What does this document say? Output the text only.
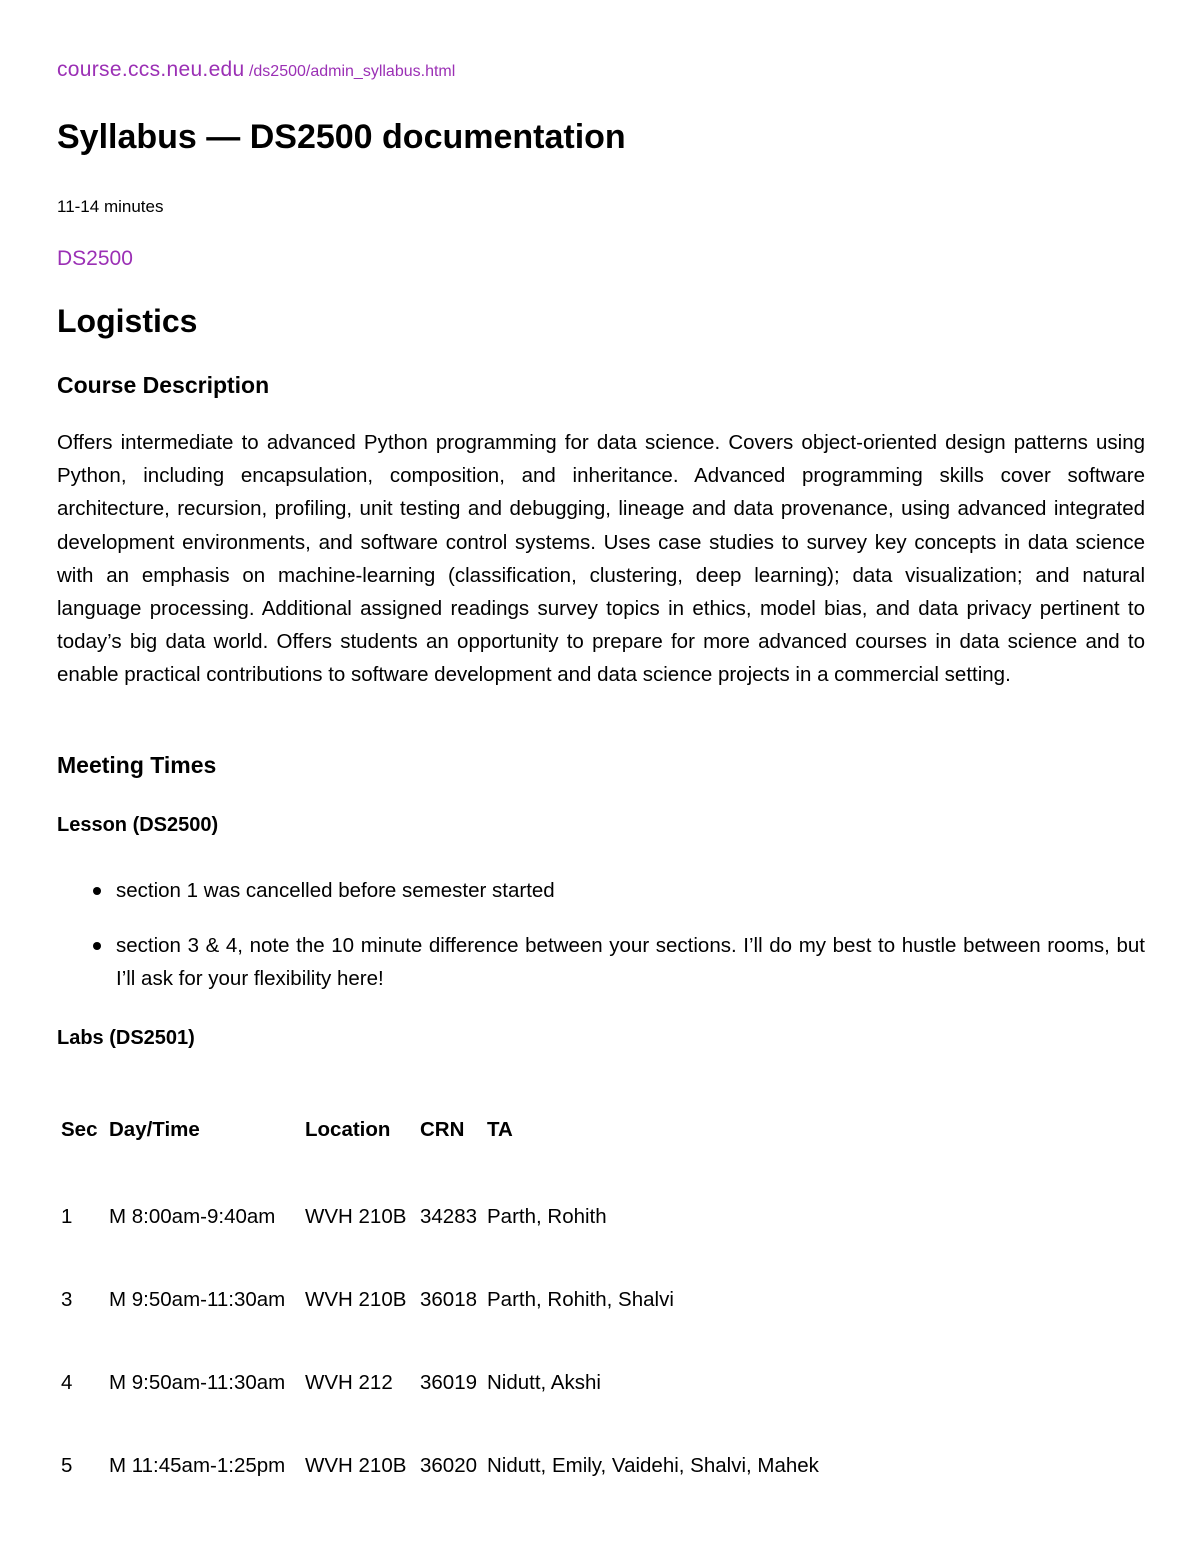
course.ccs.neu.edu /ds2500/admin_syllabus.html
Syllabus — DS2500 documentation
11-14 minutes
DS2500
Logistics
Course Description

Offers intermediate to advanced Python programming for data science. Covers object-oriented design patterns using Python, including encapsulation, composition, and inheritance. Advanced programming skills cover software architecture, recursion, profiling, unit testing and debugging, lineage and data provenance, using advanced integrated development environments, and software control systems. Uses case studies to survey key concepts in data science with an emphasis on machine-learning (classification, clustering, deep learning); data visualization; and natural language processing. Additional assigned readings survey topics in ethics, model bias, and data privacy pertinent to today’s big data world. Offers students an opportunity to prepare for more advanced courses in data science and to enable practical contributions to software development and data science projects in a commercial setting.

Meeting Times
Lesson (DS2500)
section 1 was cancelled before semester started
section 3 & 4, note the 10 minute difference between your sections. I’ll do my best to hustle between rooms, but I’ll ask for your flexibility here!
Labs (DS2501)
Sec	Day/Time	Location	CRN	TA
1	M 8:00am-9:40am	WVH 210B	34283	Parth, Rohith
3	M 9:50am-11:30am	WVH 210B	36018	Parth, Rohith, Shalvi
4	M 9:50am-11:30am	WVH 212	36019	Nidutt, Akshi
5	M 11:45am-1:25pm	WVH 210B	36020	Nidutt, Emily, Vaidehi, Shalvi, Mahek
